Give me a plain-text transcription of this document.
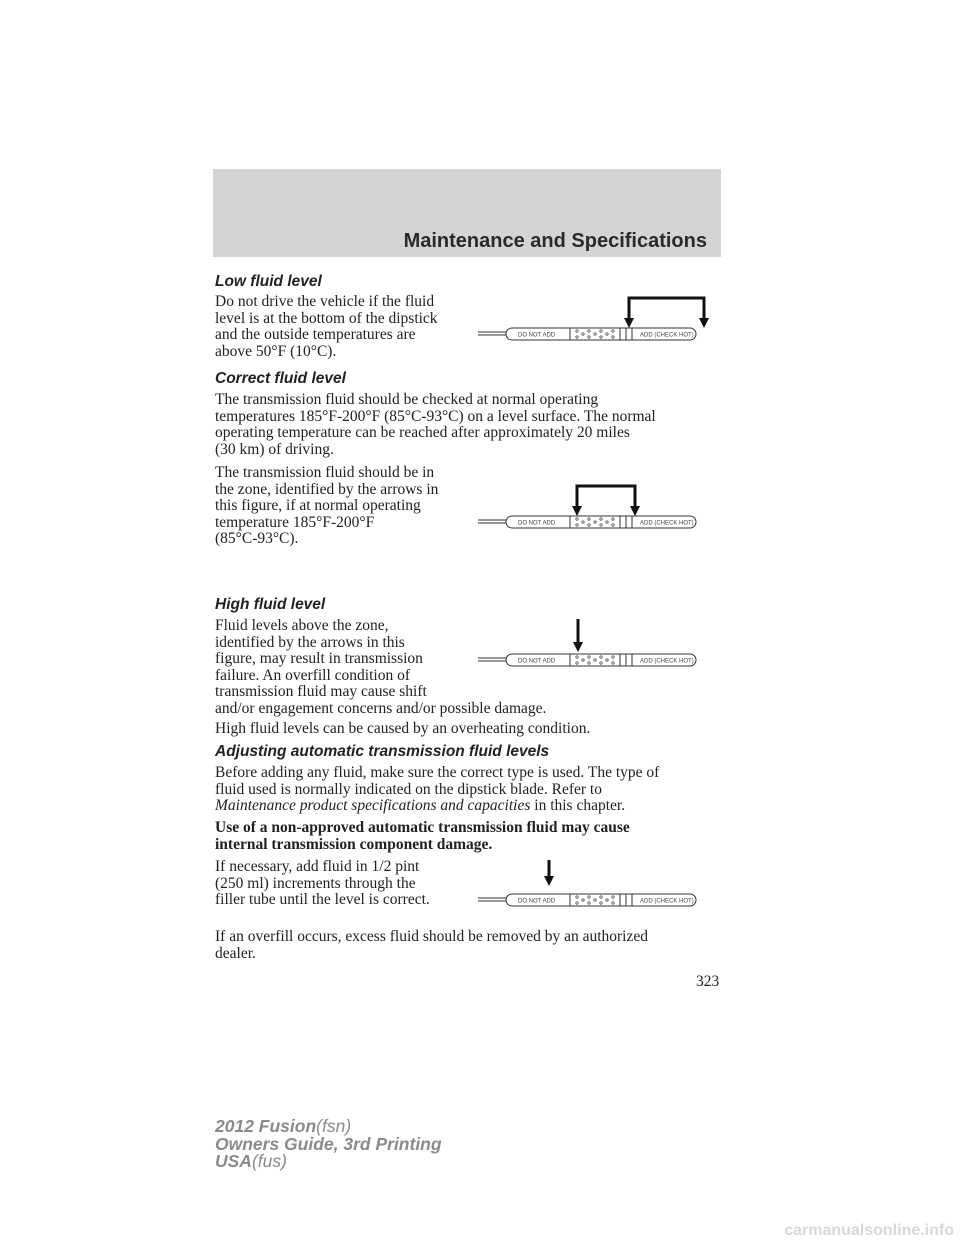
Maintenance and Specifications
Low fluid level
Do not drive the vehicle if the fluid
level is at the bottom of the dipstick
and the outside temperatures are
above 50°F (10°C).
DO NOT ADD	ADD (CHECK HOT)
Correct fluid level
The transmission fluid should be checked at normal operating
temperatures 185°F-200°F (85°C-93°C) on a level surface. The normal
operating temperature can be reached after approximately 20 miles
(30 km) of driving.
The transmission fluid should be in
the zone, identified by the arrows in
this figure, if at normal operating
temperature 185°F-200°F
(85°C-93°C).
DO NOT ADD	ADD (CHECK HOT)
High fluid level
Fluid levels above the zone,
identified by the arrows in this
figure, may result in transmission
failure. An overfill condition of
transmission fluid may cause shift
and/or engagement concerns and/or possible damage.
High fluid levels can be caused by an overheating condition.
DO NOT ADD	ADD (CHECK HOT)
Adjusting automatic transmission fluid levels
Before adding any fluid, make sure the correct type is used. The type of
fluid used is normally indicated on the dipstick blade. Refer to
Maintenance product specifications and capacities in this chapter.
Use of a non-approved automatic transmission fluid may cause
internal transmission component damage.
If necessary, add fluid in 1/2 pint
(250 ml) increments through the
filler tube until the level is correct.	DO NOT ADD	ADD (CHECK HOT)
If an overfill occurs, excess fluid should be removed by an authorized
dealer.
323
2012 Fusion(fsn)
Owners Guide, 3rd Printing
USA(fus)
carmanualsonline.info
